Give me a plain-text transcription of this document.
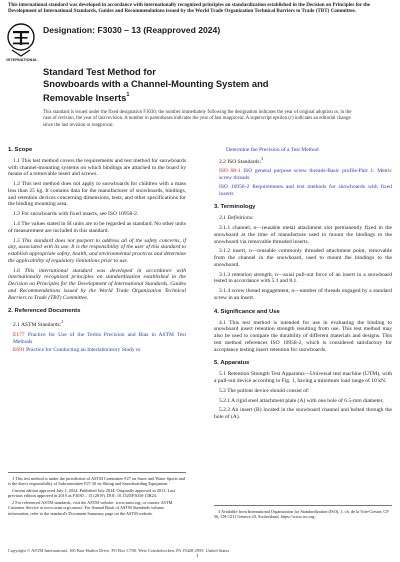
This international standard was developed in accordance with internationally recognized principles on standardization established in the Decision on Principles for the Development of International Standards, Guides and Recommendations issued by the World Trade Organization Technical Barriers to Trade (TBT) Committee.
INTERNATIONAL
Designation: F3030 – 13 (Reapproved 2024)
Standard Test Method for
Snowboards with a Channel-Mounting System and
Removable Inserts$^1$
This standard is issued under the fixed designation F3030; the number immediately following the designation indicates the year of original adoption or, in the case of revision, the year of last revision. A number in parentheses indicates the year of last reapproval. A superscript epsilon (ε) indicates an editorial change since the last revision or reapproval.
1. Scope

1.1 This test method covers the requirements and test method for snowboards with channel-mounting systems on which bindings are attached to the board by means of a removable insert and screws.

1.2 This test method does not apply to snowboards for children with a mass less than 25 kg. It contains data for the manufacturer of snowboards, bindings, and retention devices concerning dimensions, tests, and other specifications for the binding mounting area.

1.3 For snowboards with fixed inserts, see ISO 10958-2.

1.4 The values stated in SI units are to be regarded as standard. No other units of measurement are included in this standard.

1.5 This standard does not purport to address all of the safety concerns, if any, associated with its use. It is the responsibility of the user of this standard to establish appropriate safety, health, and environmental practices and determine the applicability of regulatory limitations prior to use.

1.6 This international standard was developed in accordance with internationally recognized principles on standardization established in the Decision on Principles for the Development of International Standards, Guides and Recommendations issued by the World Trade Organization Technical Barriers to Trade (TBT) Committee.

2. Referenced Documents

2.1 ASTM Standards:$^2$

E177 Practice for Use of the Terms Precision and Bias in ASTM Test Methods
E691 Practice for Conducting an Interlaboratory Study to
1 This test method is under the jurisdiction of ASTM Committee F27 on Snow and Water Sports and is the direct responsibility of Subcommittee F27.30 on Skiing and Snowboarding Equipment.
Current edition approved July 1, 2024. Published July 2024. Originally approved in 2013. Last previous edition approved in 2019 as F3030 – 13 (2019). DOI: 10.1520/F3030-13R24.
2 For referenced ASTM standards, visit the ASTM website, www.astm.org, or contact ASTM Customer Service at www.astm.org/contact. For Annual Book of ASTM Standards volume information, refer to the standard's Document Summary page on the ASTM website.
Determine the Precision of a Test Method

2.2 ISO Standards:$^3$

ISO 68-1 ISO general purpose screw threads-Basic profile-Part 1: Metric screw threads
ISO 10958-2 Requirements and test methods for snowboards with fixed inserts
3. Terminology

3.1 Definitions:

3.1.1 channel, n—reusable metal attachment slot permanently fixed in the snowboard at the time of manufacture used to mount the bindings to the snowboard via removable threaded inserts.

3.1.2 insert, n—reusable commonly threaded attachment point, removable from the channel in the snowboard, used to mount the bindings to the snowboard.

3.1.3 retention strength, n—axial pull-out force of an insert in a snowboard tested in accordance with 5.1 and 8.1.

3.1.4 screw thread engagement, n—number of threads engaged by a standard screw in an insert.

4. Significance and Use

4.1 This test method is intended for use in evaluating the binding to snowboard insert retention strength resulting from use. This test method may also be used to compare the durability of different materials and designs. This test method references ISO 10958-2, which is considered satisfactory for acceptance testing insert retention for snowboards.

5. Apparatus

5.1 Retention Strength Test Apparatus—Universal test machine (UTM), with a pull-out device according to Fig. 1, having a minimum load range of 10 kN.

5.2 The pullout device should consist of:

5.2.1 A rigid steel attachment plate (A) with one hole of 6.5-mm diameter,

5.2.2 An insert (B) located in the snowboard channel and bolted through the hole of (A).

3 Available from International Organization for Standardization (ISO), 1, ch. de la Voie-Creuse, CP 56, CH-1211 Geneva 20, Switzerland, https://www.iso.org.
Copyright © ASTM International, 100 Barr Harbor Drive, PO Box C700, West Conshohocken, PA 19428-2959. United States
1
